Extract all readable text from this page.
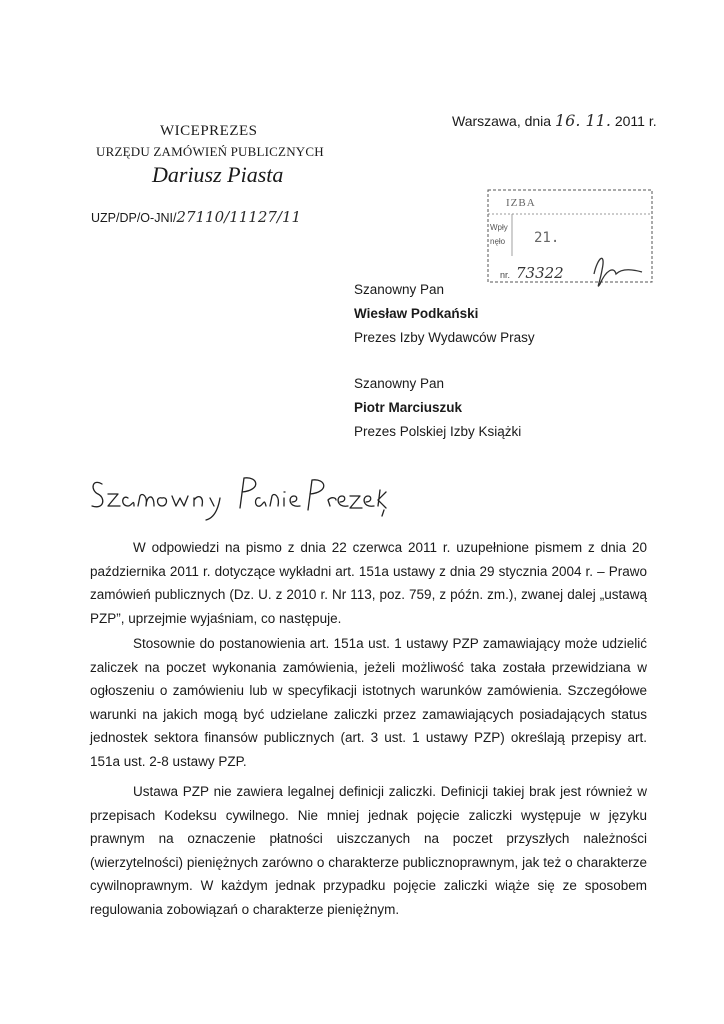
Warszawa, dnia 16. 11. 2011 r.
WICEPREZES
URZĘDU ZAMÓWIEŃ PUBLICZNYCH
Dariusz Piasta
UZP/DP/O-JNI/27110/11127/11
IZBA
Wpły
nęło 21.
nr. 73322
Szanowny Pan
Wiesław Podkański
Prezes Izby Wydawców Prasy
Szanowny Pan
Piotr Marciuszuk
Prezes Polskiej Izby Książki

W odpowiedzi na pismo z dnia 22 czerwca 2011 r. uzupełnione pismem z dnia 20 października 2011 r. dotyczące wykładni art. 151a ustawy z dnia 29 stycznia 2004 r. – Prawo zamówień publicznych (Dz. U. z 2010 r. Nr 113, poz. 759, z późn. zm.), zwanej dalej „ustawą PZP”, uprzejmie wyjaśniam, co następuje.

Stosownie do postanowienia art. 151a ust. 1 ustawy PZP zamawiający może udzielić zaliczek na poczet wykonania zamówienia, jeżeli możliwość taka została przewidziana w ogłoszeniu o zamówieniu lub w specyfikacji istotnych warunków zamówienia. Szczegółowe warunki na jakich mogą być udzielane zaliczki przez zamawiających posiadających status jednostek sektora finansów publicznych (art. 3 ust. 1 ustawy PZP) określają przepisy art. 151a ust. 2-8 ustawy PZP.

Ustawa PZP nie zawiera legalnej definicji zaliczki. Definicji takiej brak jest również w przepisach Kodeksu cywilnego. Nie mniej jednak pojęcie zaliczki występuje w języku prawnym na oznaczenie płatności uiszczanych na poczet przyszłych należności (wierzytelności) pieniężnych zarówno o charakterze publicznoprawnym, jak też o charakterze cywilnoprawnym. W każdym jednak przypadku pojęcie zaliczki wiąże się ze sposobem regulowania zobowiązań o charakterze pieniężnym.
